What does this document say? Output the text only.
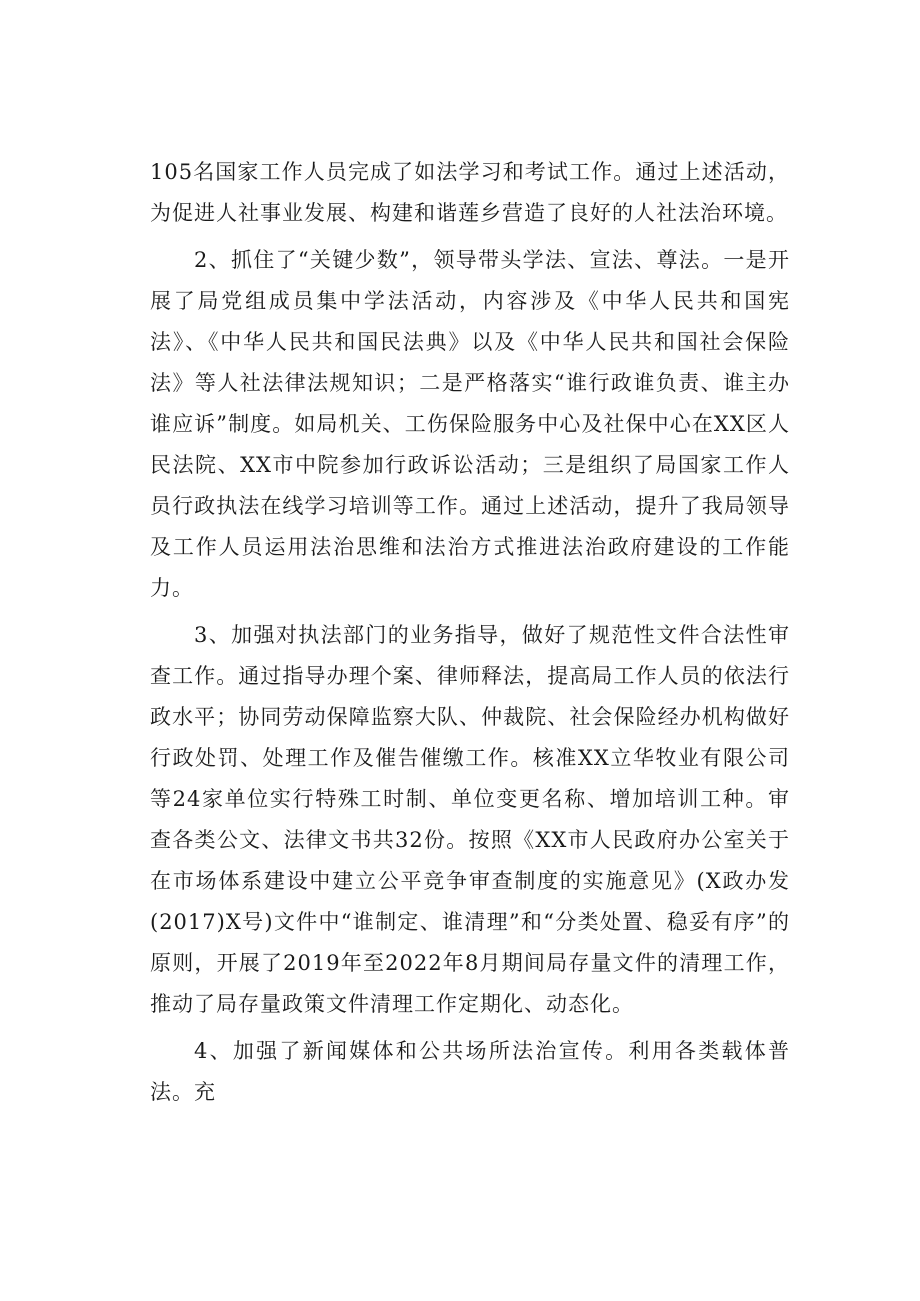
105名国家工作人员完成了如法学习和考试工作。通过上述活动，为促进人社事业发展、构建和谐莲乡营造了良好的人社法治环境。

2、抓住了“关键少数”，领导带头学法、宣法、尊法。一是开展了局党组成员集中学法活动，内容涉及《中华人民共和国宪法》、《中华人民共和国民法典》以及《中华人民共和国社会保险法》等人社法律法规知识；二是严格落实“谁行政谁负责、谁主办谁应诉”制度。如局机关、工伤保险服务中心及社保中心在XX区人民法院、XX市中院参加行政诉讼活动；三是组织了局国家工作人员行政执法在线学习培训等工作。通过上述活动，提升了我局领导及工作人员运用法治思维和法治方式推进法治政府建设的工作能力。

3、加强对执法部门的业务指导，做好了规范性文件合法性审查工作。通过指导办理个案、律师释法，提高局工作人员的依法行政水平；协同劳动保障监察大队、仲裁院、社会保险经办机构做好行政处罚、处理工作及催告催缴工作。核准XX立华牧业有限公司等24家单位实行特殊工时制、单位变更名称、增加培训工种。审查各类公文、法律文书共32份。按照《XX市人民政府办公室关于在市场体系建设中建立公平竞争审查制度的实施意见》(X政办发(2017)X号)文件中“谁制定、谁清理”和“分类处置、稳妥有序”的原则，开展了2019年至2022年8月期间局存量文件的清理工作，推动了局存量政策文件清理工作定期化、动态化。

4、加强了新闻媒体和公共场所法治宣传。利用各类载体普法。充
